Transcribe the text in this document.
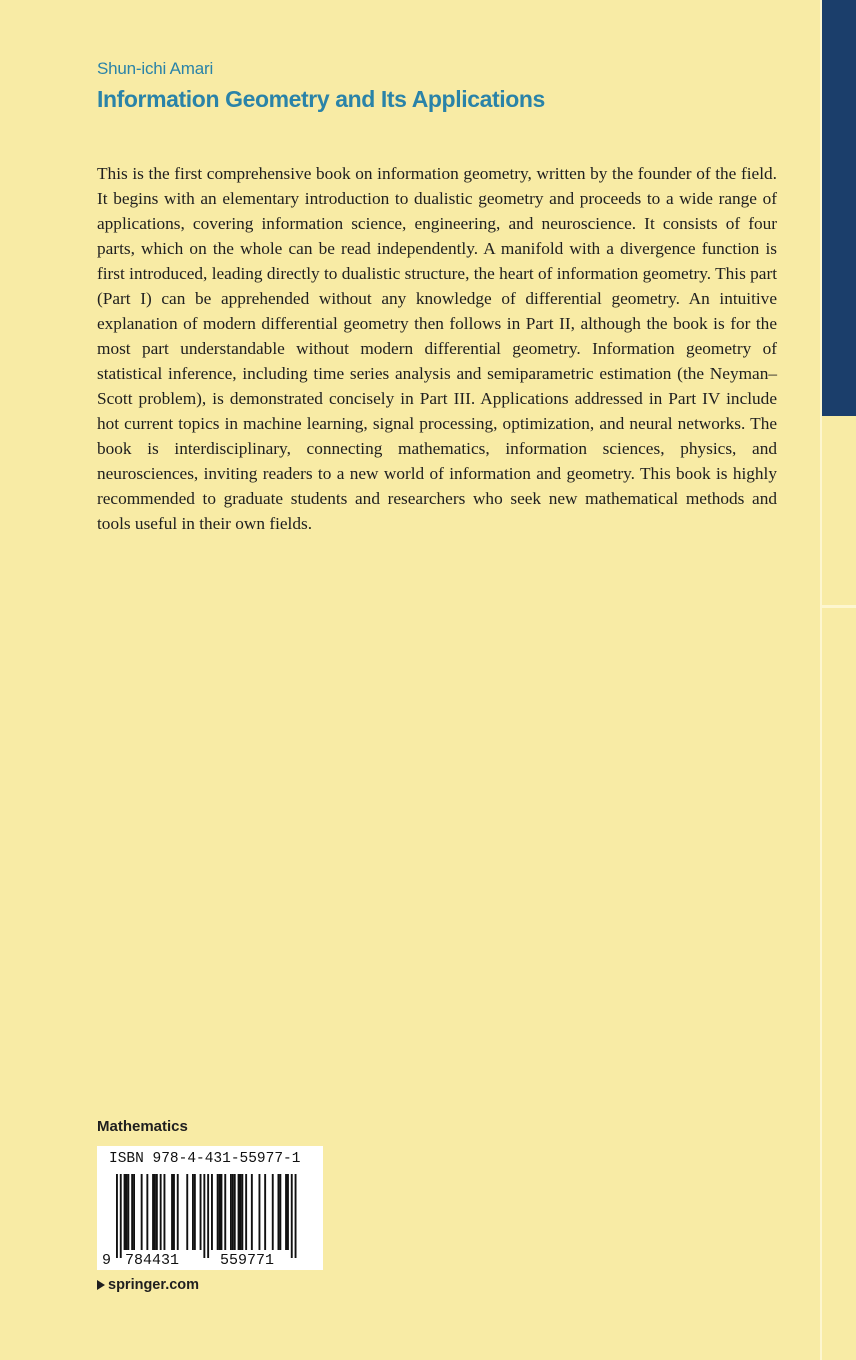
Shun-ichi Amari
Information Geometry and Its Applications

This is the first comprehensive book on information geometry, written by the founder of the field. It begins with an elementary introduction to dualistic geometry and proceeds to a wide range of applications, covering information science, engineering, and neuroscience. It consists of four parts, which on the whole can be read independently. A manifold with a divergence function is first introduced, leading directly to dualistic structure, the heart of information geometry. This part (Part I) can be apprehended without any knowledge of differential geometry. An intuitive explanation of modern differential geometry then follows in Part II, although the book is for the most part understandable without modern differential geometry. Information geometry of statistical inference, including time series analysis and semiparametric estimation (the Neyman–Scott problem), is demonstrated concisely in Part III. Applications addressed in Part IV include hot current topics in machine learning, signal processing, optimization, and neural networks. The book is interdisciplinary, connecting mathematics, information sciences, physics, and neurosciences, inviting readers to a new world of information and geometry. This book is highly recommended to graduate students and researchers who seek new mathematical methods and tools useful in their own fields.

Mathematics
9 784431	559771
ISBN 978-4-431-55977-1
springer.com
